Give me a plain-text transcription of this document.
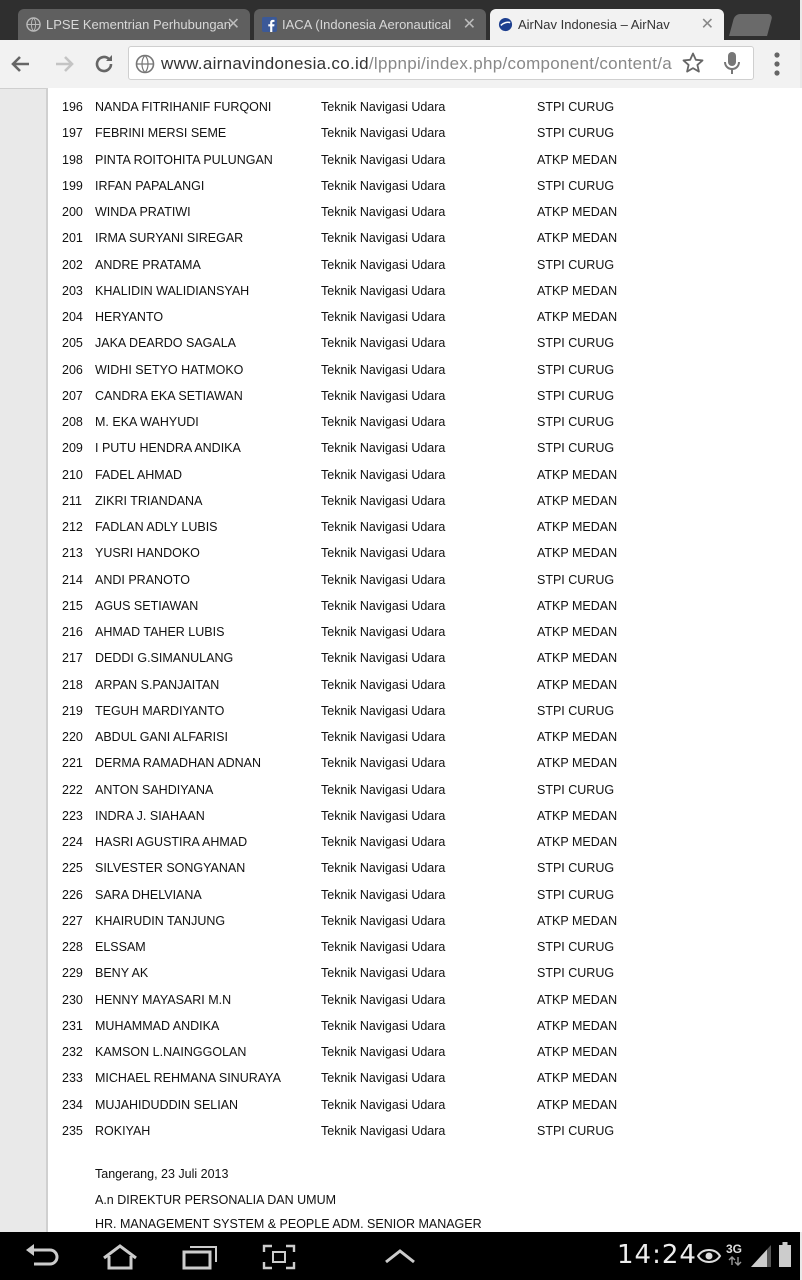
LPSE Kementrian Perhubungan
✕	IACA (Indonesia Aeronautical ✕	AirNav Indonesia – AirNav ✕
www.airnavindonesia.co.id/lppnpi/index.php/component/content/a
196 NANDA FITRIHANIF FURQONI	Teknik Navigasi Udara	STPI CURUG
197 FEBRINI MERSI SEME	Teknik Navigasi Udara	STPI CURUG
198 PINTA ROITOHITA PULUNGAN	Teknik Navigasi Udara	ATKP MEDAN
199 IRFAN PAPALANGI	Teknik Navigasi Udara	STPI CURUG
200 WINDA PRATIWI	Teknik Navigasi Udara	ATKP MEDAN
201 IRMA SURYANI SIREGAR	Teknik Navigasi Udara	ATKP MEDAN
202 ANDRE PRATAMA	Teknik Navigasi Udara	STPI CURUG
203 KHALIDIN WALIDIANSYAH	Teknik Navigasi Udara	ATKP MEDAN
204 HERYANTO	Teknik Navigasi Udara	ATKP MEDAN
205 JAKA DEARDO SAGALA	Teknik Navigasi Udara	STPI CURUG
206 WIDHI SETYO HATMOKO	Teknik Navigasi Udara	STPI CURUG
207 CANDRA EKA SETIAWAN	Teknik Navigasi Udara	STPI CURUG
208 M. EKA WAHYUDI	Teknik Navigasi Udara	STPI CURUG
209 I PUTU HENDRA ANDIKA	Teknik Navigasi Udara	STPI CURUG
210 FADEL AHMAD	Teknik Navigasi Udara	ATKP MEDAN
211 ZIKRI TRIANDANA	Teknik Navigasi Udara	ATKP MEDAN
212 FADLAN ADLY LUBIS	Teknik Navigasi Udara	ATKP MEDAN
213 YUSRI HANDOKO	Teknik Navigasi Udara	ATKP MEDAN
214 ANDI PRANOTO	Teknik Navigasi Udara	STPI CURUG
215 AGUS SETIAWAN	Teknik Navigasi Udara	ATKP MEDAN
216 AHMAD TAHER LUBIS	Teknik Navigasi Udara	ATKP MEDAN
217 DEDDI G.SIMANULANG	Teknik Navigasi Udara	ATKP MEDAN
218 ARPAN S.PANJAITAN	Teknik Navigasi Udara	ATKP MEDAN
219 TEGUH MARDIYANTO	Teknik Navigasi Udara	STPI CURUG
220 ABDUL GANI ALFARISI	Teknik Navigasi Udara	ATKP MEDAN
221 DERMA RAMADHAN ADNAN	Teknik Navigasi Udara	ATKP MEDAN
222 ANTON SAHDIYANA	Teknik Navigasi Udara	STPI CURUG
223 INDRA J. SIAHAAN	Teknik Navigasi Udara	ATKP MEDAN
224 HASRI AGUSTIRA AHMAD	Teknik Navigasi Udara	ATKP MEDAN
225 SILVESTER SONGYANAN	Teknik Navigasi Udara	STPI CURUG
226 SARA DHELVIANA	Teknik Navigasi Udara	STPI CURUG
227 KHAIRUDIN TANJUNG	Teknik Navigasi Udara	ATKP MEDAN
228 ELSSAM	Teknik Navigasi Udara	STPI CURUG
229 BENY AK	Teknik Navigasi Udara	STPI CURUG
230 HENNY MAYASARI M.N	Teknik Navigasi Udara	ATKP MEDAN
231 MUHAMMAD ANDIKA	Teknik Navigasi Udara	ATKP MEDAN
232 KAMSON L.NAINGGOLAN	Teknik Navigasi Udara	ATKP MEDAN
233 MICHAEL REHMANA SINURAYA	Teknik Navigasi Udara	ATKP MEDAN
234 MUJAHIDUDDIN SELIAN	Teknik Navigasi Udara	ATKP MEDAN
235 ROKIYAH	Teknik Navigasi Udara	STPI CURUG
Tangerang, 23 Juli 2013
A.n DIREKTUR PERSONALIA DAN UMUM
HR. MANAGEMENT SYSTEM & PEOPLE ADM. SENIOR MANAGER
14:24 3G
